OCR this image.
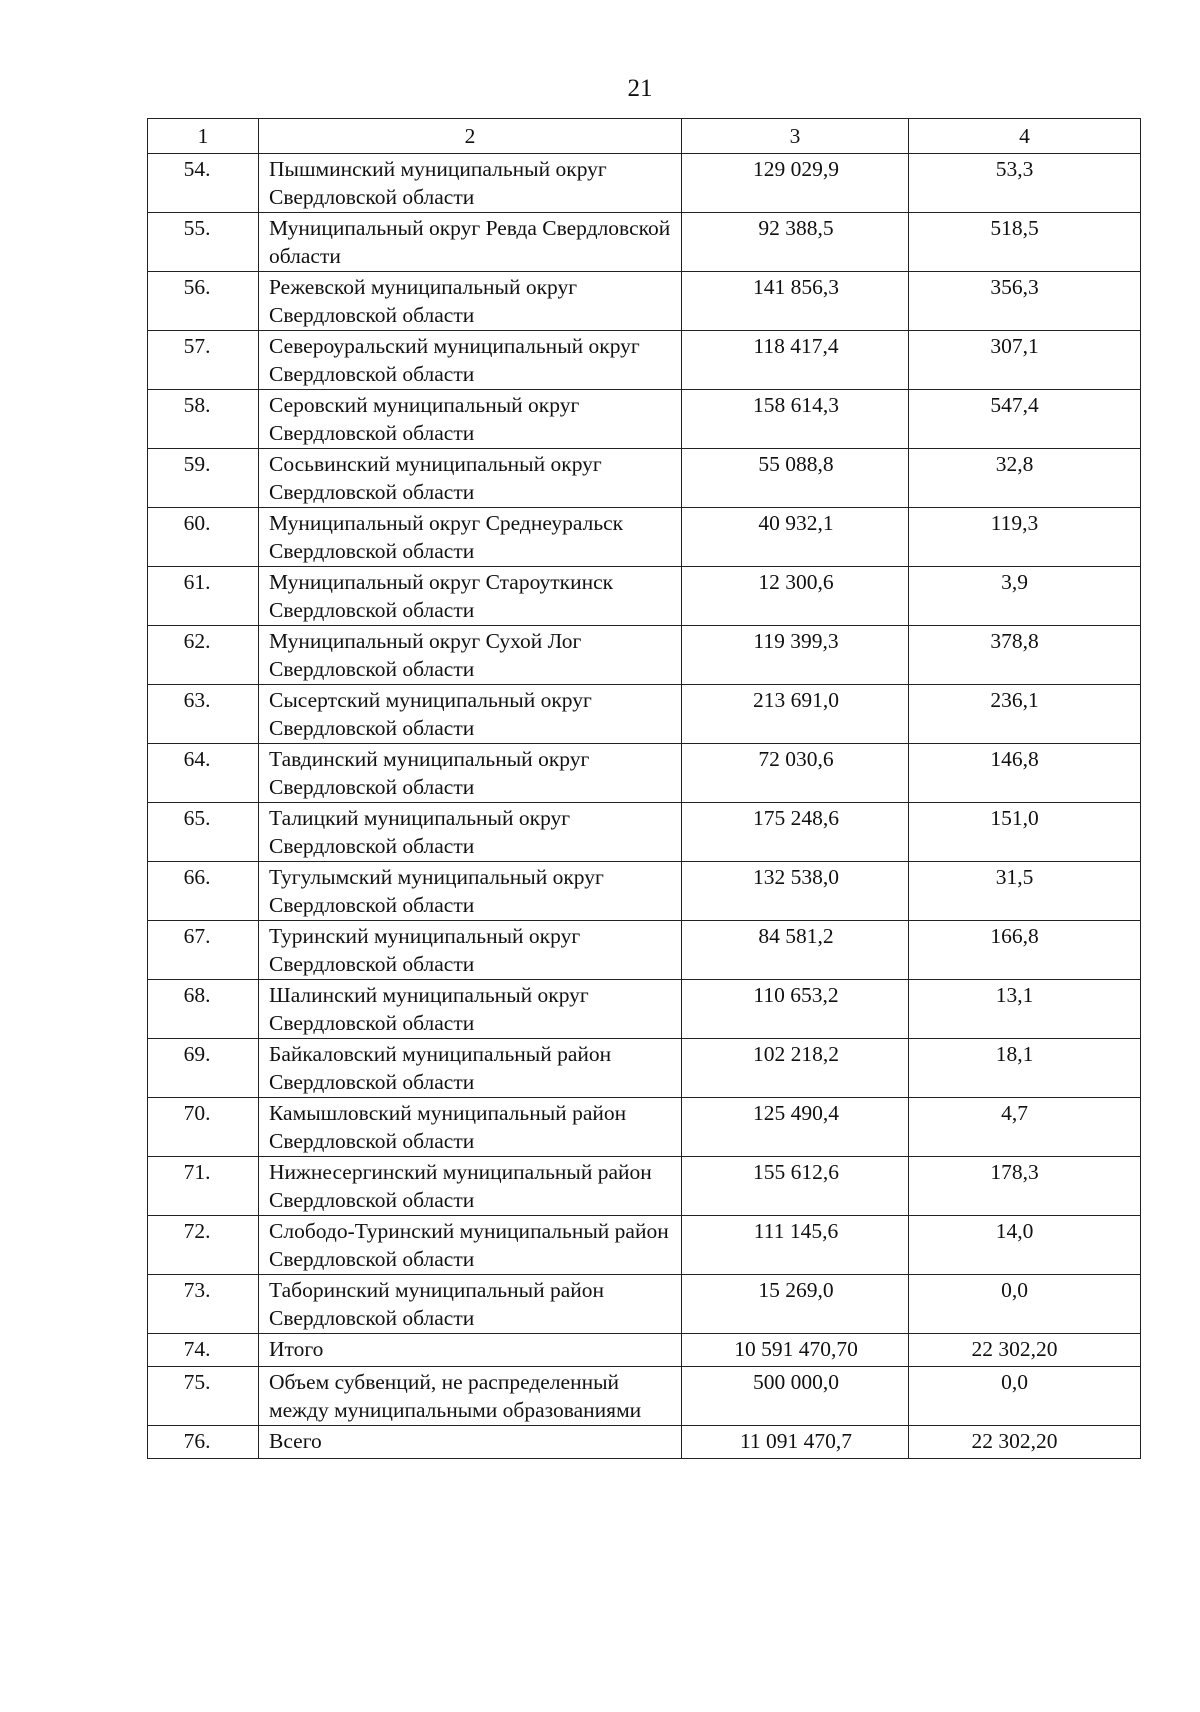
21
1	2	3	4
54.	Пышминский муниципальный округ Свердловской области	129 029,9	53,3
55.	Муниципальный округ Ревда Свердловской области	92 388,5	518,5
56.	Режевской муниципальный округ Свердловской области	141 856,3	356,3
57.	Североуральский муниципальный округ Свердловской области	118 417,4	307,1
58.	Серовский муниципальный округ Свердловской области	158 614,3	547,4
59.	Сосьвинский муниципальный округ Свердловской области	55 088,8	32,8
60.	Муниципальный округ Среднеуральск Свердловской области	40 932,1	119,3
61.	Муниципальный округ Староуткинск Свердловской области	12 300,6	3,9
62.	Муниципальный округ Сухой Лог Свердловской области	119 399,3	378,8
63.	Сысертский муниципальный округ Свердловской области	213 691,0	236,1
64.	Тавдинский муниципальный округ Свердловской области	72 030,6	146,8
65.	Талицкий муниципальный округ Свердловской области	175 248,6	151,0
66.	Тугулымский муниципальный округ Свердловской области	132 538,0	31,5
67.	Туринский муниципальный округ Свердловской области	84 581,2	166,8
68.	Шалинский муниципальный округ Свердловской области	110 653,2	13,1
69.	Байкаловский муниципальный район Свердловской области	102 218,2	18,1
70.	Камышловский муниципальный район Свердловской области	125 490,4	4,7
71.	Нижнесергинский муниципальный район Свердловской области	155 612,6	178,3
72.	Слободо-Туринский муниципальный район Свердловской области	111 145,6	14,0
73.	Таборинский муниципальный район Свердловской области	15 269,0	0,0
74.	Итого	10 591 470,70	22 302,20
75.	Объем субвенций, не распределенный между муниципальными образованиями	500 000,0	0,0
76.	Всего	11 091 470,7	22 302,20
